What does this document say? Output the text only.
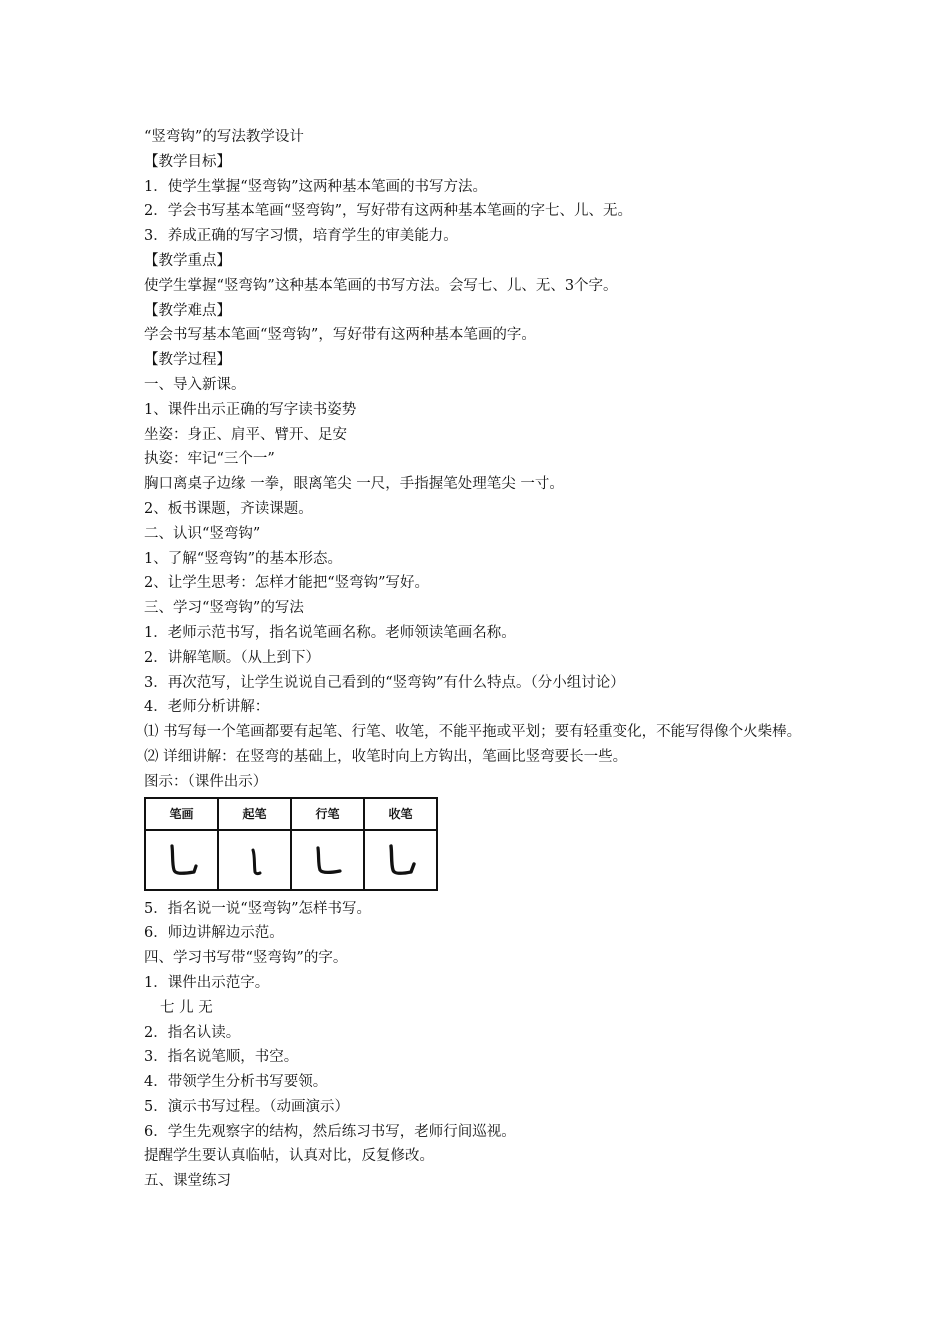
“竖弯钩”的写法教学设计
【教学目标】
1．使学生掌握“竖弯钩”这两种基本笔画的书写方法。
2．学会书写基本笔画“竖弯钩”，写好带有这两种基本笔画的字七、儿、无。
3．养成正确的写字习惯，培育学生的审美能力。
【教学重点】
使学生掌握“竖弯钩”这种基本笔画的书写方法。会写七、儿、无、3个字。
【教学难点】
学会书写基本笔画“竖弯钩”，写好带有这两种基本笔画的字。
【教学过程】
一、导入新课。
1、课件出示正确的写字读书姿势
坐姿：身正、肩平、臂开、足安
执姿：牢记“三个一”
胸口离桌子边缘 一拳，眼离笔尖 一尺，手指握笔处理笔尖 一寸。
2、板书课题，齐读课题。
二、认识“竖弯钩”
1、了解“竖弯钩”的基本形态。
2、让学生思考：怎样才能把“竖弯钩”写好。
三、学习“竖弯钩”的写法
1．老师示范书写，指名说笔画名称。老师领读笔画名称。
2．讲解笔顺。（从上到下）
3．再次范写，让学生说说自己看到的“竖弯钩”有什么特点。（分小组讨论）
4．老师分析讲解：
⑴ 书写每一个笔画都要有起笔、行笔、收笔，不能平拖或平划；要有轻重变化，不能写得像个火柴棒。
⑵ 详细讲解：在竖弯的基础上，收笔时向上方钩出，笔画比竖弯要长一些。
图示：（课件出示）
笔画	起笔	行笔	收笔

5．指名说一说“竖弯钩”怎样书写。
6．师边讲解边示范。
四、学习书写带“竖弯钩”的字。
1．课件出示范字。
七 儿 无
2．指名认读。
3．指名说笔顺，书空。
4．带领学生分析书写要领。
5．演示书写过程。（动画演示）
6．学生先观察字的结构，然后练习书写，老师行间巡视。
提醒学生要认真临帖，认真对比，反复修改。
五、课堂练习
